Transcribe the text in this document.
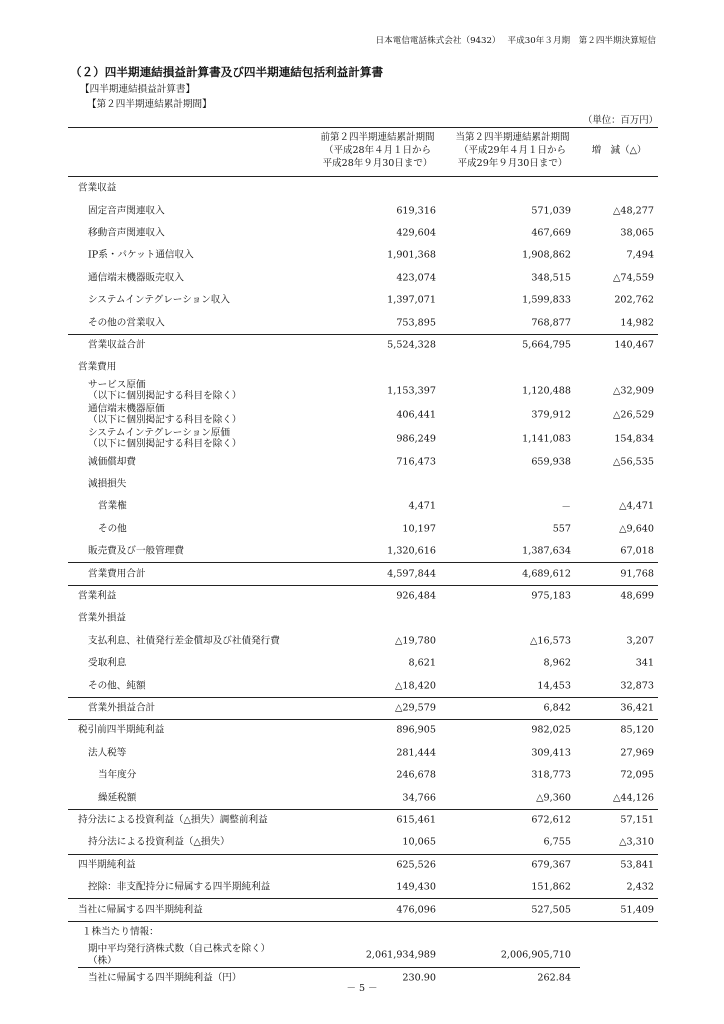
日本電信電話株式会社（9432）　 平成30年３月期　第２四半期決算短信
（２）四半期連結損益計算書及び四半期連結包括利益計算書
【四半期連結損益計算書】
【第２四半期連結累計期間】
（単位：百万円）
前第２四半期連結累計期間
（平成28年４月１日から
平成28年９月30日まで）
当第２四半期連結累計期間
（平成29年４月１日から
平成29年９月30日まで）
増　減（△）
営業収益
固定音声関連収入	619,316	571,039	△48,277
移動音声関連収入	429,604	467,669	38,065
IP系・パケット通信収入	1,901,368	1,908,862	7,494
通信端末機器販売収入	423,074	348,515	△74,559
システムインテグレーション収入	1,397,071	1,599,833	202,762
その他の営業収入	753,895	768,877	14,982
営業収益合計	5,524,328	5,664,795	140,467
営業費用
サービス原価
（以下に個別掲記する科目を除く）	1,153,397	1,120,488	△32,909
通信端末機器原価
（以下に個別掲記する科目を除く）	406,441	379,912	△26,529
システムインテグレーション原価
（以下に個別掲記する科目を除く）	986,249	1,141,083	154,834
減価償却費	716,473	659,938	△56,535
減損損失
営業権	4,471	－	△4,471
その他	10,197	557	△9,640
販売費及び一般管理費	1,320,616	1,387,634	67,018
営業費用合計	4,597,844	4,689,612	91,768
営業利益	926,484	975,183	48,699
営業外損益
支払利息、社債発行差金償却及び社債発行費	△19,780	△16,573	3,207
受取利息	8,621	8,962	341
その他、純額	△18,420	14,453	32,873
営業外損益合計	△29,579	6,842	36,421
税引前四半期純利益	896,905	982,025	85,120
法人税等	281,444	309,413	27,969
当年度分	246,678	318,773	72,095
繰延税額	34,766	△9,360	△44,126
持分法による投資利益（△損失）調整前利益	615,461	672,612	57,151
持分法による投資利益（△損失）	10,065	6,755	△3,310
四半期純利益	625,526	679,367	53,841
控除：非支配持分に帰属する四半期純利益	149,430	151,862	2,432
当社に帰属する四半期純利益	476,096	527,505	51,409
１株当たり情報：
期中平均発行済株式数（自己株式を除く）
（株）	2,061,934,989	2,006,905,710
当社に帰属する四半期純利益（円）	230.90	262.84
－ 5 －
